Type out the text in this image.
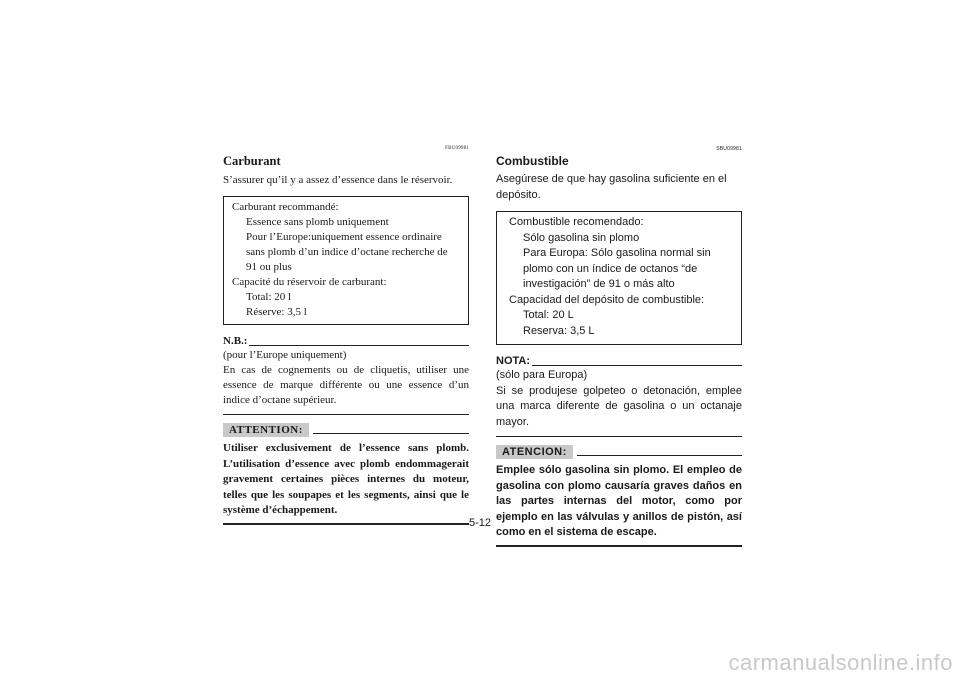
FBU09981
Carburant

S’assurer qu’il y a assez d’essence dans le réservoir.

Carburant recommandé:

Essence sans plomb uniquement

Pour l’Europe:uniquement essence ordinaire sans plomb d’un indice d’octane recherche de 91 ou plus

Capacité du réservoir de carburant:

Total: 20 l

Réserve: 3,5 l

N.B.:

(pour l’Europe uniquement)

En cas de cognements ou de cliquetis, utiliser une essence de marque différente ou une essence d’un indice d’octane supérieur.

ATTENTION:

Utiliser exclusivement de l’essence sans plomb. L’utilisation d’essence avec plomb endommagerait gravement certaines pièces internes du moteur, telles que les soupapes et les segments, ainsi que le système d’échappement.

SBU09981
Combustible

Asegúrese de que hay gasolina suficiente en el depósito.

Combustible recomendado:

Sólo gasolina sin plomo

Para Europa: Sólo gasolina normal sin plomo con un índice de octanos “de investigación” de 91 o más alto

Capacidad del depósito de combustible:

Total: 20 L

Reserva: 3,5 L

NOTA:

(sólo para Europa)

Si se produjese golpeteo o detonación, emplee una marca diferente de gasolina o un octanaje mayor.

ATENCION:

Emplee sólo gasolina sin plomo. El empleo de gasolina con plomo causaría graves daños en las partes internas del motor, como por ejemplo en las válvulas y anillos de pistón, así como en el sistema de escape.

5-12
carmanualsonline.info
